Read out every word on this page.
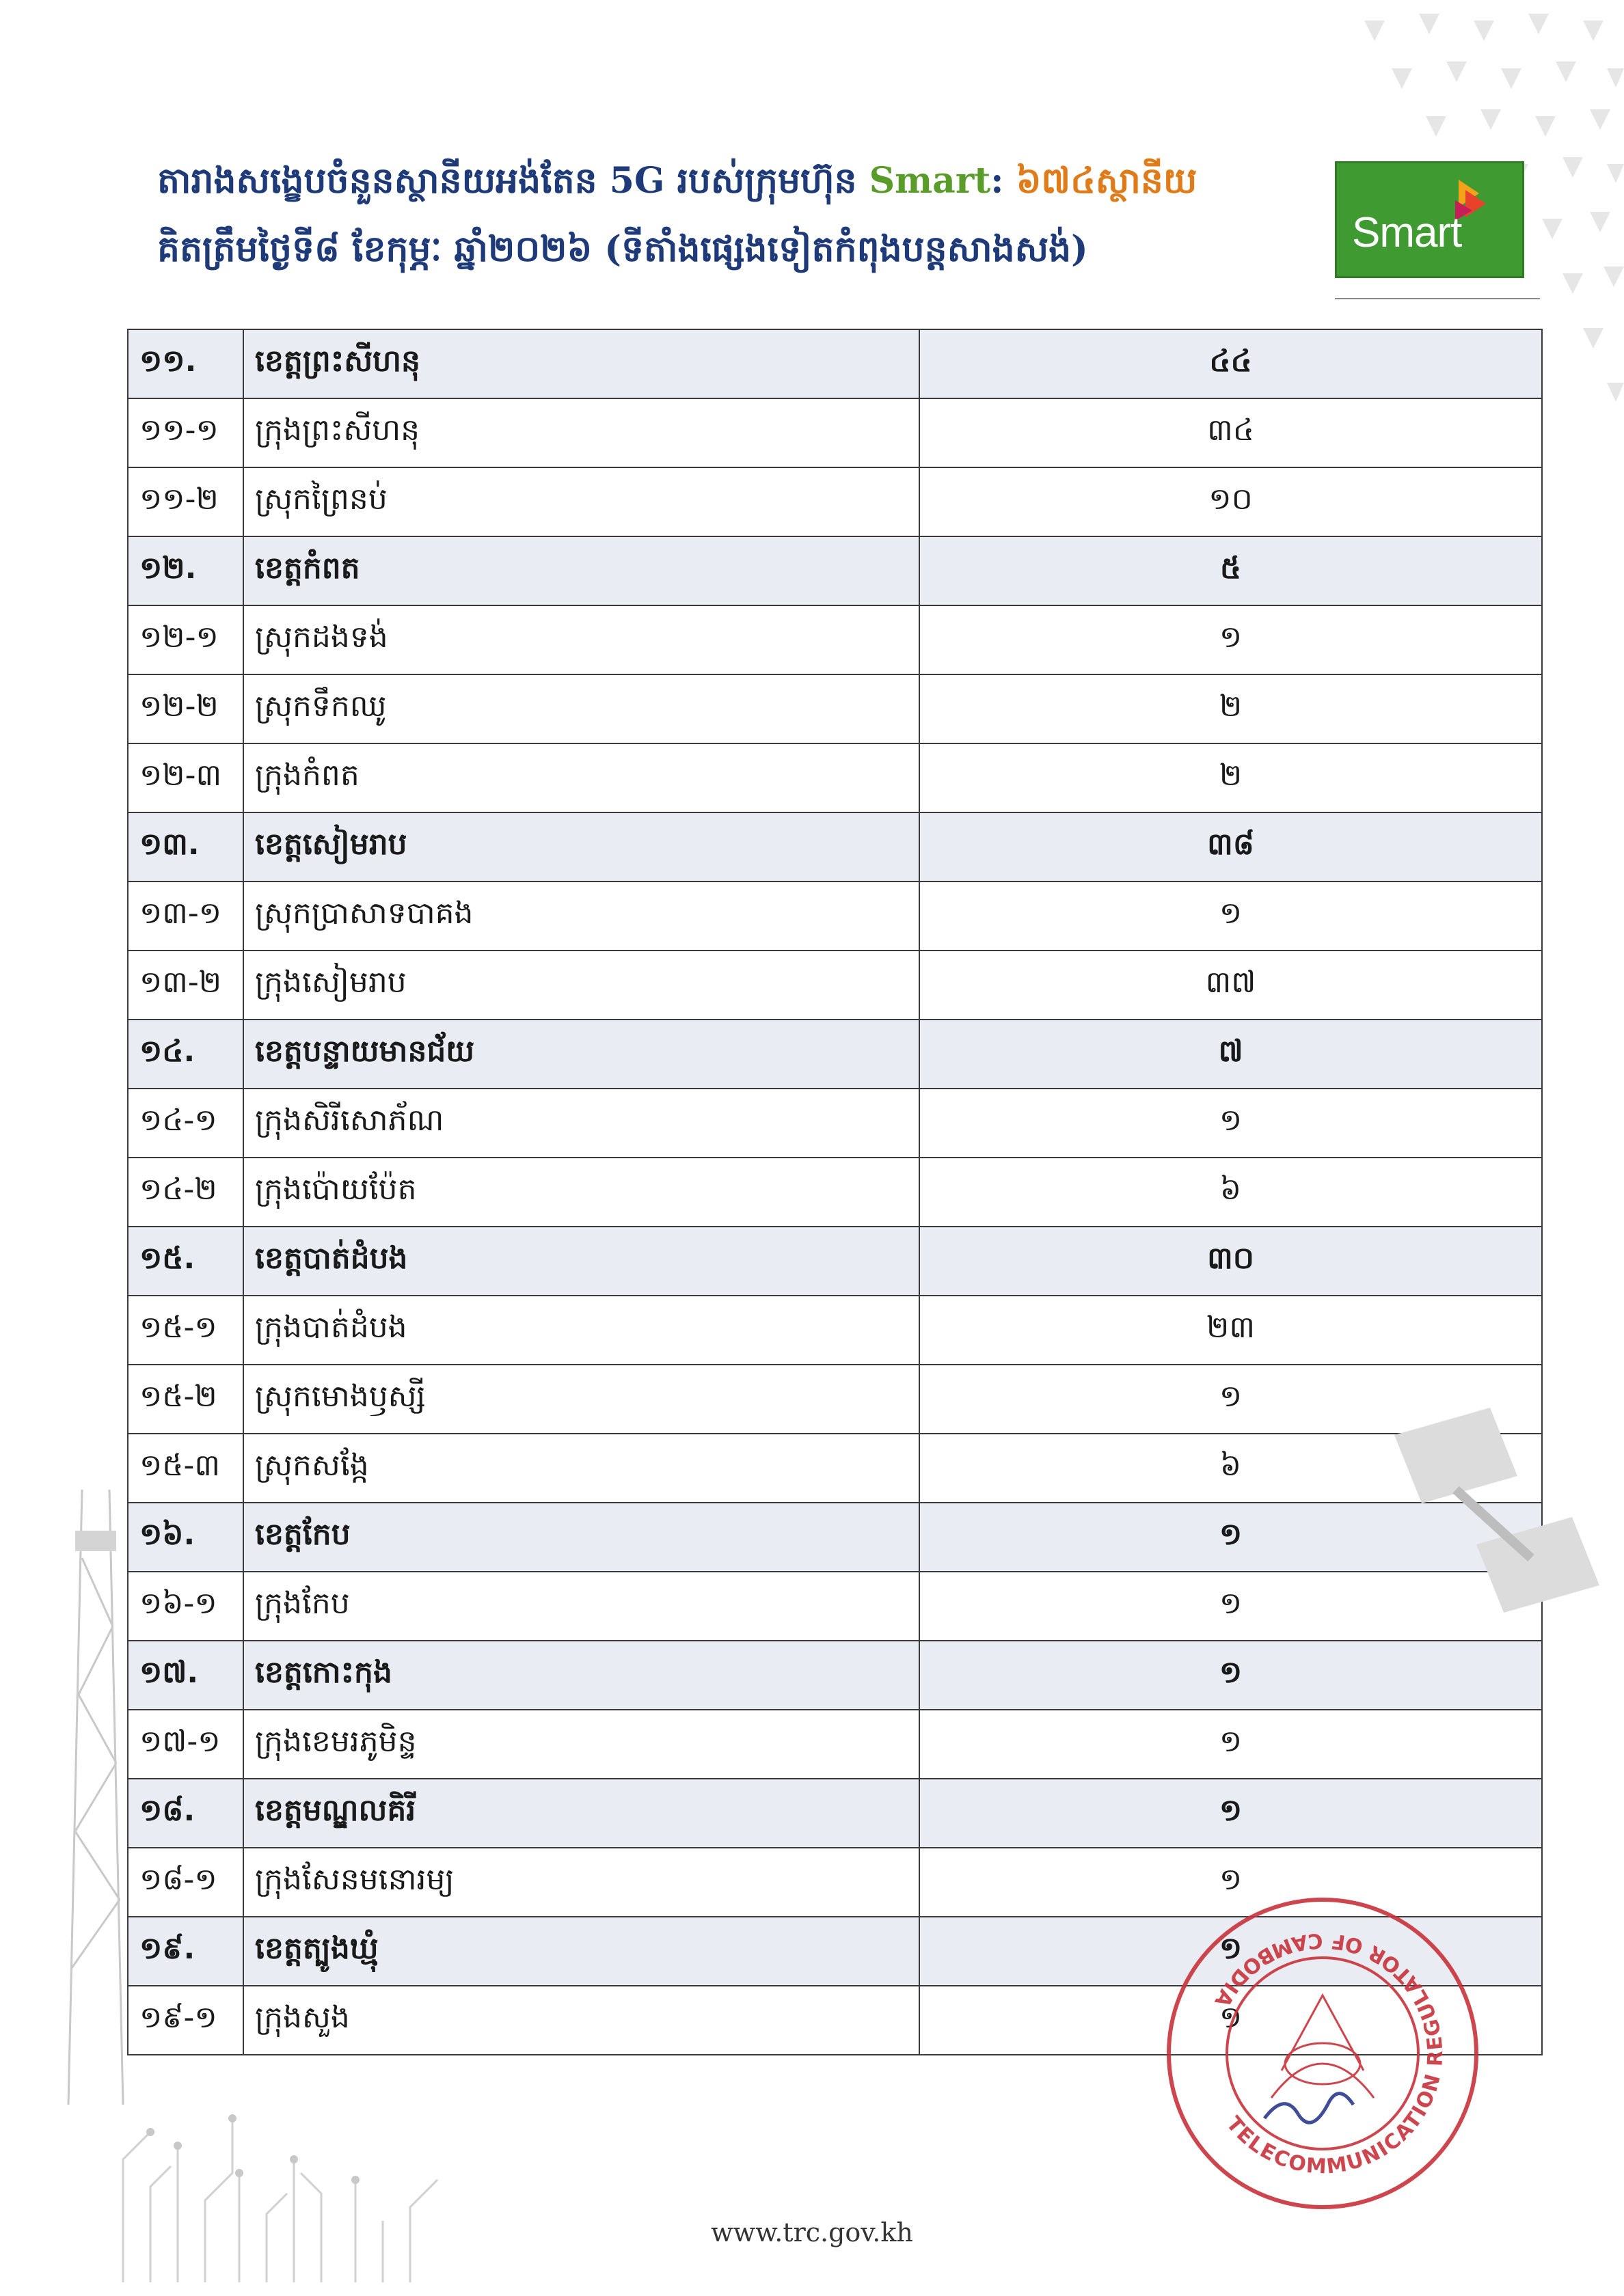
តារាងសង្ខេបចំនួនស្ថានីយអង់តែន 5G របស់ក្រុមហ៊ុន Smart: ៦៧៤ស្ថានីយ
គិតត្រឹមថ្ងៃទី៨ ខែកុម្ភៈ ឆ្នាំ២០២៦ (ទីតាំងផ្សេងទៀតកំពុងបន្តសាងសង់)	Smart
១១.	ខេត្តព្រះសីហនុ	៤៤
១១-១	ក្រុងព្រះសីហនុ	៣៤
១១-២	ស្រុកព្រៃនប់	១០
១២.	ខេត្តកំពត	៥
១២-១	ស្រុកដងទង់	១
១២-២	ស្រុកទឹកឈូ	២
១២-៣	ក្រុងកំពត	២
១៣.	ខេត្តសៀមរាប	៣៨
១៣-១	ស្រុកប្រាសាទបាគង	១
១៣-២	ក្រុងសៀមរាប	៣៧
១៤.	ខេត្តបន្ទាយមានជ័យ	៧
១៤-១	ក្រុងសិរីសោភ័ណ	១
១៤-២	ក្រុងប៉ោយប៉ែត	៦
១៥.	ខេត្តបាត់ដំបង	៣០
១៥-១	ក្រុងបាត់ដំបង	២៣
១៥-២	ស្រុកមោងឫស្សី	១
១៥-៣	ស្រុកសង្កែ	៦
១៦.	ខេត្តកែប	១
១៦-១	ក្រុងកែប	១
១៧.	ខេត្តកោះកុង	១
១៧-១	ក្រុងខេមរភូមិន្ទ	១
១៨.	ខេត្តមណ្ឌលគិរី	១
១៨-១	ក្រុងសែនមនោរម្យ	១
១៩.	ខេត្តត្បូងឃ្មុំ	១
១៩-១	ក្រុងសួង	១
TELECOMMUNICATION REGULATOR OF CAMBODIA
www.trc.gov.kh
